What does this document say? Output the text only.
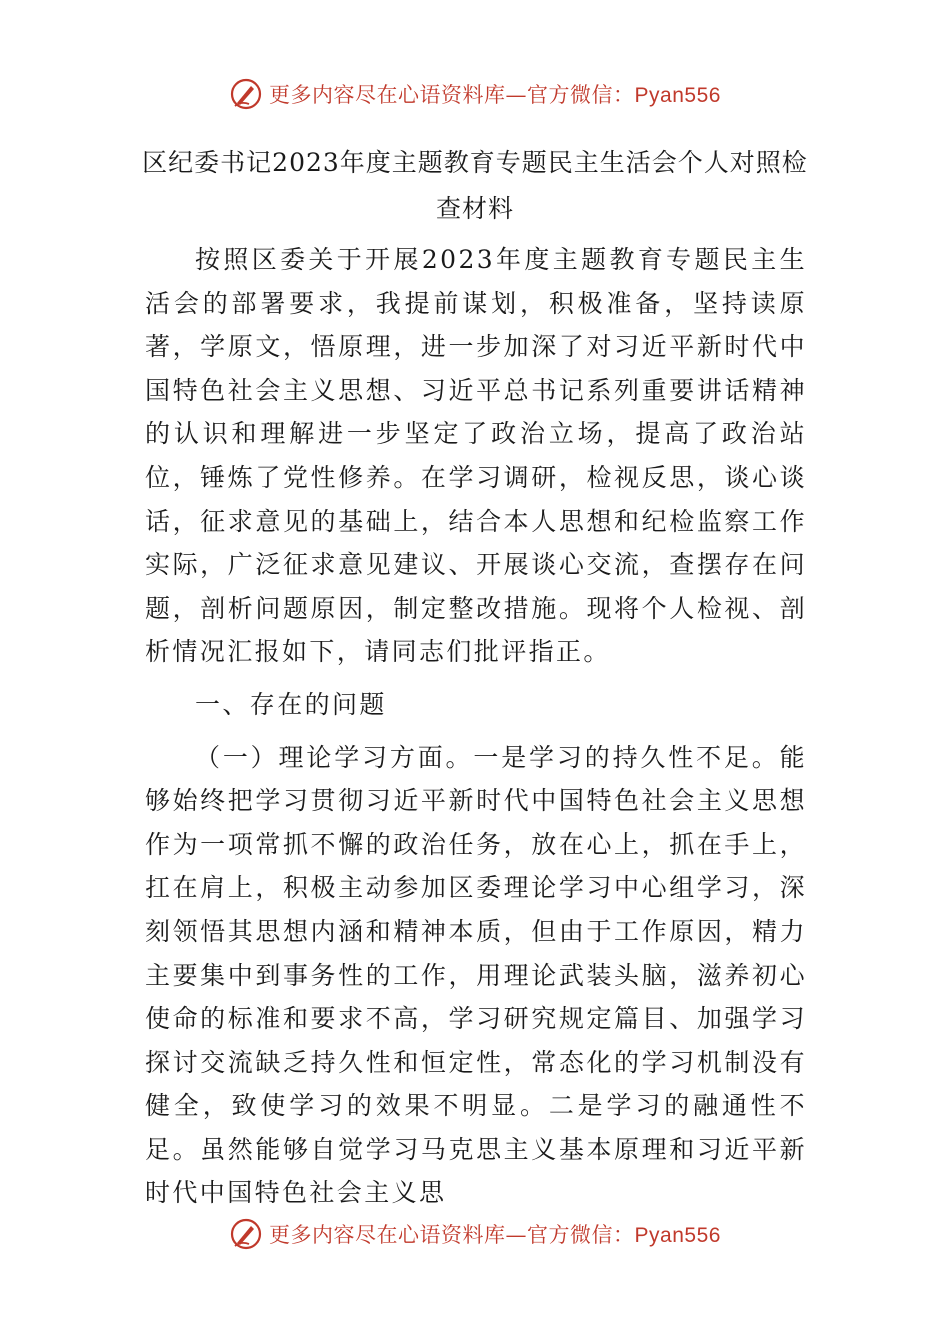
更多内容尽在心语资料库—官方微信：Pyan556
区纪委书记2023年度主题教育专题民主生活会个人对照检查材料

按照区委关于开展2023年度主题教育专题民主生活会的部署要求，我提前谋划，积极准备，坚持读原著，学原文，悟原理，进一步加深了对习近平新时代中国特色社会主义思想、习近平总书记系列重要讲话精神的认识和理解进一步坚定了政治立场，提高了政治站位，锤炼了党性修养。在学习调研，检视反思，谈心谈话，征求意见的基础上，结合本人思想和纪检监察工作实际，广泛征求意见建议、开展谈心交流，查摆存在问题，剖析问题原因，制定整改措施。现将个人检视、剖析情况汇报如下，请同志们批评指正。

一、存在的问题

（一）理论学习方面。一是学习的持久性不足。能够始终把学习贯彻习近平新时代中国特色社会主义思想作为一项常抓不懈的政治任务，放在心上，抓在手上，扛在肩上，积极主动参加区委理论学习中心组学习，深刻领悟其思想内涵和精神本质，但由于工作原因，精力主要集中到事务性的工作，用理论武装头脑，滋养初心使命的标准和要求不高，学习研究规定篇目、加强学习探讨交流缺乏持久性和恒定性，常态化的学习机制没有健全，致使学习的效果不明显。二是学习的融通性不足。虽然能够自觉学习马克思主义基本原理和习近平新时代中国特色社会主义思

更多内容尽在心语资料库—官方微信：Pyan556
